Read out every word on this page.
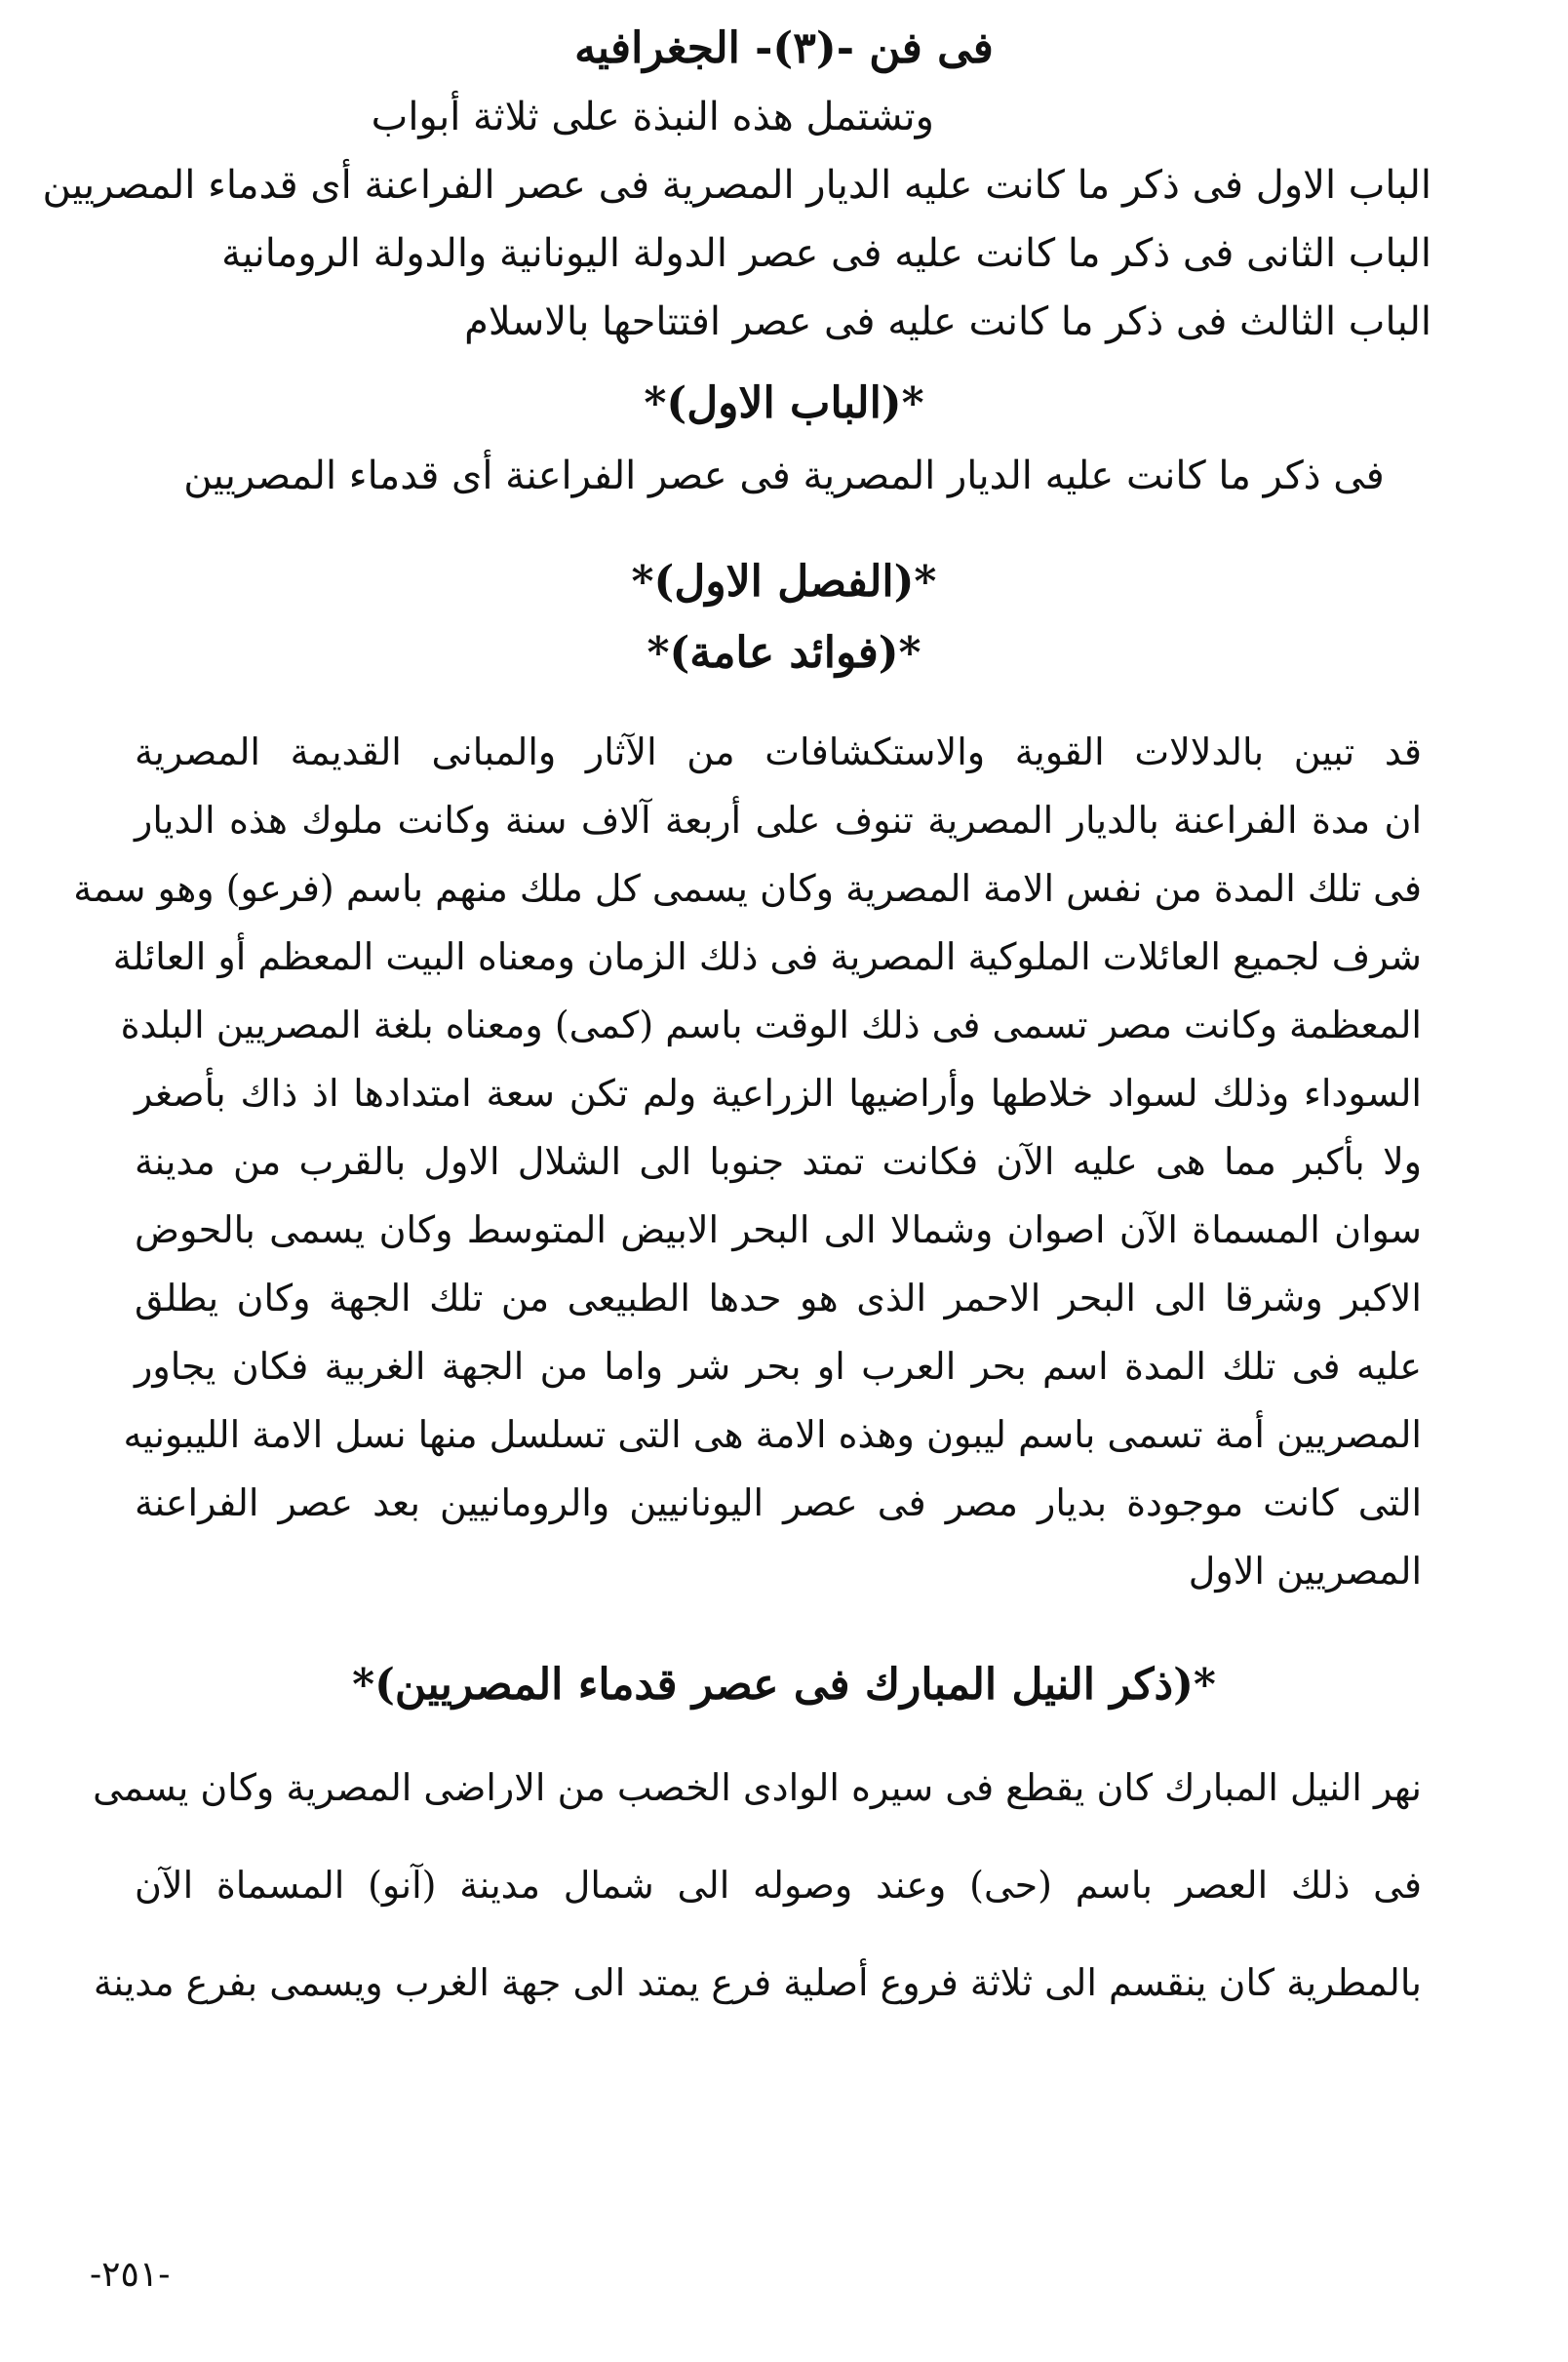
فى فن -(٣)- الجغرافيه
وتشتمل هذه النبذة على ثلاثة أبواب
الباب الاول فى ذكر ما كانت عليه الديار المصرية فى عصر الفراعنة أى قدماء المصريين
الباب الثانى فى ذكر ما كانت عليه فى عصر الدولة اليونانية والدولة الرومانية
الباب الثالث فى ذكر ما كانت عليه فى عصر افتتاحها بالاسلام
*(الباب الاول)*
فى ذكر ما كانت عليه الديار المصرية فى عصر الفراعنة أى قدماء المصريين
*(الفصل الاول)*
*(فوائد عامة)*
قد تبين بالدلالات القوية والاستكشافات من الآثار والمبانى القديمة المصرية
ان مدة الفراعنة بالديار المصرية تنوف على أربعة آلاف سنة وكانت ملوك هذه الديار
فى تلك المدة من نفس الامة المصرية وكان يسمى كل ملك منهم باسم (فرعو) وهو سمة
شرف لجميع العائلات الملوكية المصرية فى ذلك الزمان ومعناه البيت المعظم أو العائلة
المعظمة وكانت مصر تسمى فى ذلك الوقت باسم (كمى) ومعناه بلغة المصريين البلدة
السوداء وذلك لسواد خلاطها وأراضيها الزراعية ولم تكن سعة امتدادها اذ ذاك بأصغر
ولا بأكبر مما هى عليه الآن فكانت تمتد جنوبا الى الشلال الاول بالقرب من مدينة
سوان المسماة الآن اصوان وشمالا الى البحر الابيض المتوسط وكان يسمى بالحوض
الاكبر وشرقا الى البحر الاحمر الذى هو حدها الطبيعى من تلك الجهة وكان يطلق
عليه فى تلك المدة اسم بحر العرب او بحر شر واما من الجهة الغربية فكان يجاور
المصريين أمة تسمى باسم ليبون وهذه الامة هى التى تسلسل منها نسل الامة الليبونيه
التى كانت موجودة بديار مصر فى عصر اليونانيين والرومانيين بعد عصر الفراعنة
المصريين الاول
*(ذكر النيل المبارك فى عصر قدماء المصريين)*
نهر النيل المبارك كان يقطع فى سيره الوادى الخصب من الاراضى المصرية وكان يسمى
فى ذلك العصر باسم (حى) وعند وصوله الى شمال مدينة (آنو) المسماة الآن
بالمطرية كان ينقسم الى ثلاثة فروع أصلية فرع يمتد الى جهة الغرب ويسمى بفرع مدينة
-٢٥١-
